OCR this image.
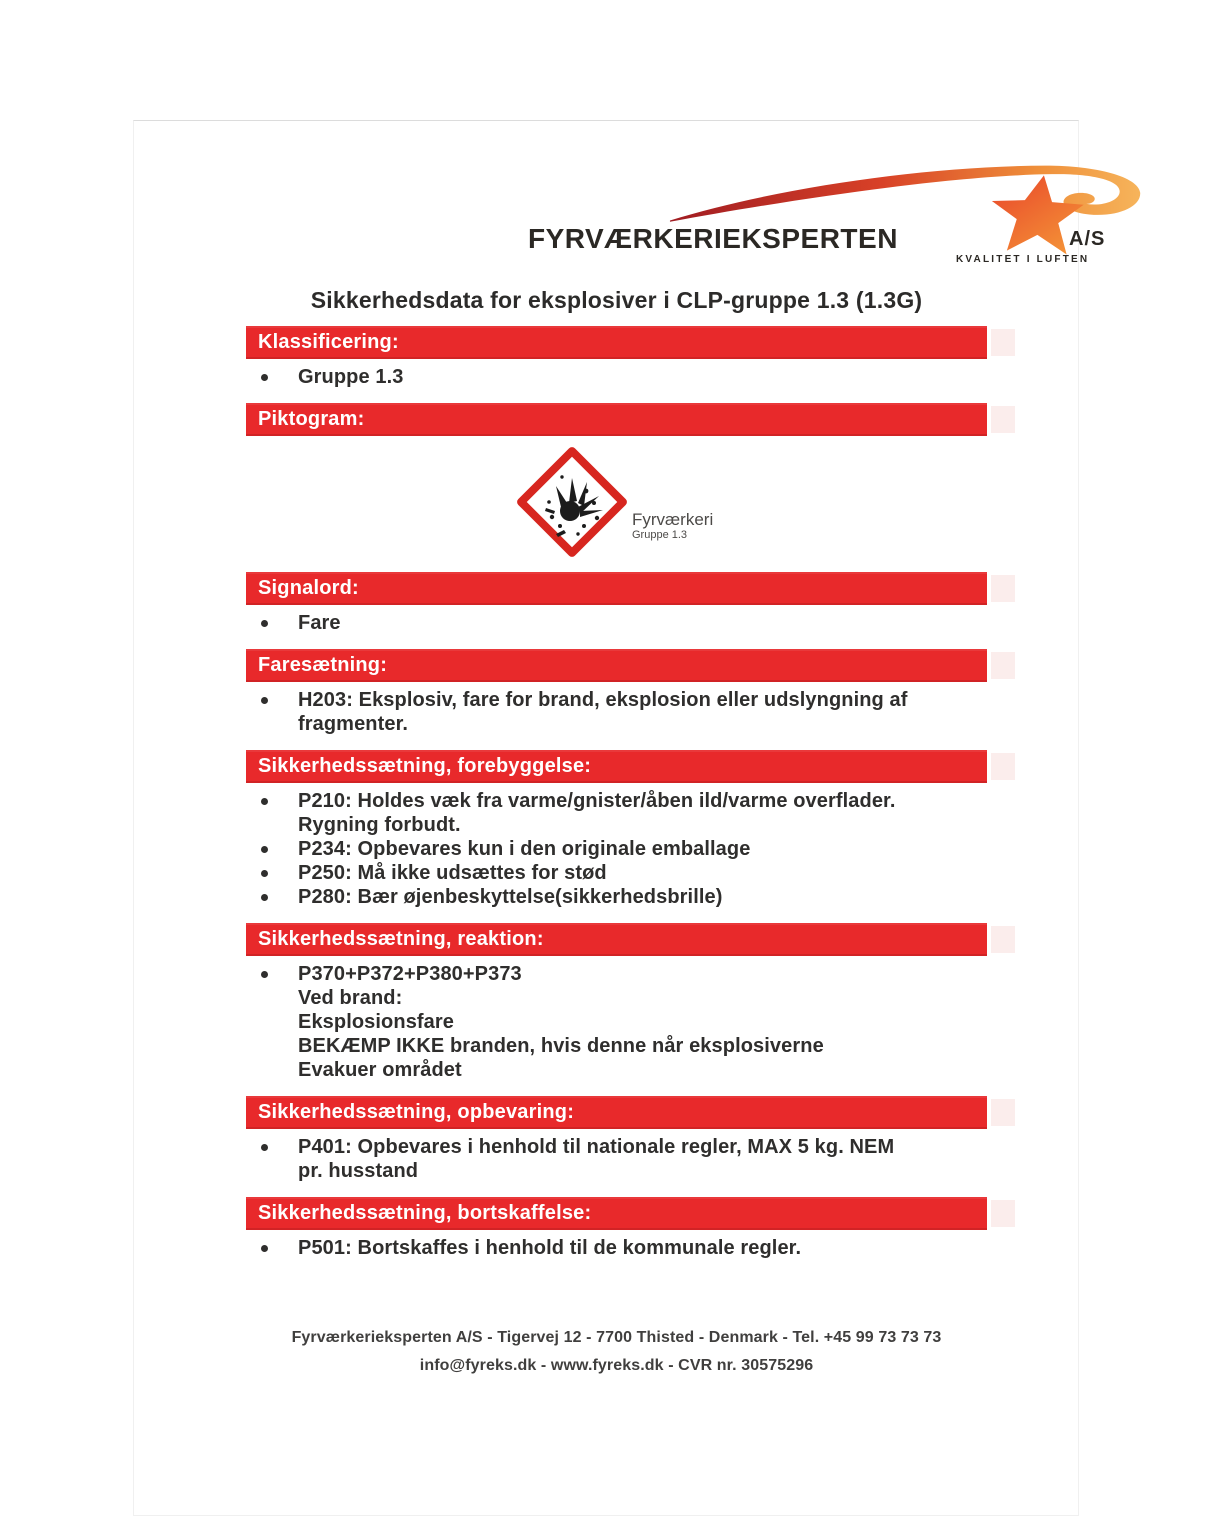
FYRVÆRKERIEKSPERTEN	A/S
KVALITET I LUFTEN
Sikkerhedsdata for eksplosiver i CLP-gruppe 1.3 (1.3G)
Klassificering:
Gruppe 1.3
Piktogram:
Fyrværkeri
Gruppe 1.3
Signalord:
Fare
Faresætning:
H203: Eksplosiv, fare for brand, eksplosion eller udslyngning af
fragmenter.
Sikkerhedssætning, forebyggelse:
P210: Holdes væk fra varme/gnister/åben ild/varme overflader.
Rygning forbudt.
P234: Opbevares kun i den originale emballage
P250: Må ikke udsættes for stød
P280: Bær øjenbeskyttelse(sikkerhedsbrille)
Sikkerhedssætning, reaktion:
P370+P372+P380+P373
Ved brand:
Eksplosionsfare
BEKÆMP IKKE branden, hvis denne når eksplosiverne
Evakuer området
Sikkerhedssætning, opbevaring:
P401: Opbevares i henhold til nationale regler, MAX 5 kg. NEM
pr. husstand
Sikkerhedssætning, bortskaffelse:
P501: Bortskaffes i henhold til de kommunale regler.
Fyrværkerieksperten A/S - Tigervej 12 - 7700 Thisted - Denmark - Tel. +45 99 73 73 73
info@fyreks.dk - www.fyreks.dk - CVR nr. 30575296
